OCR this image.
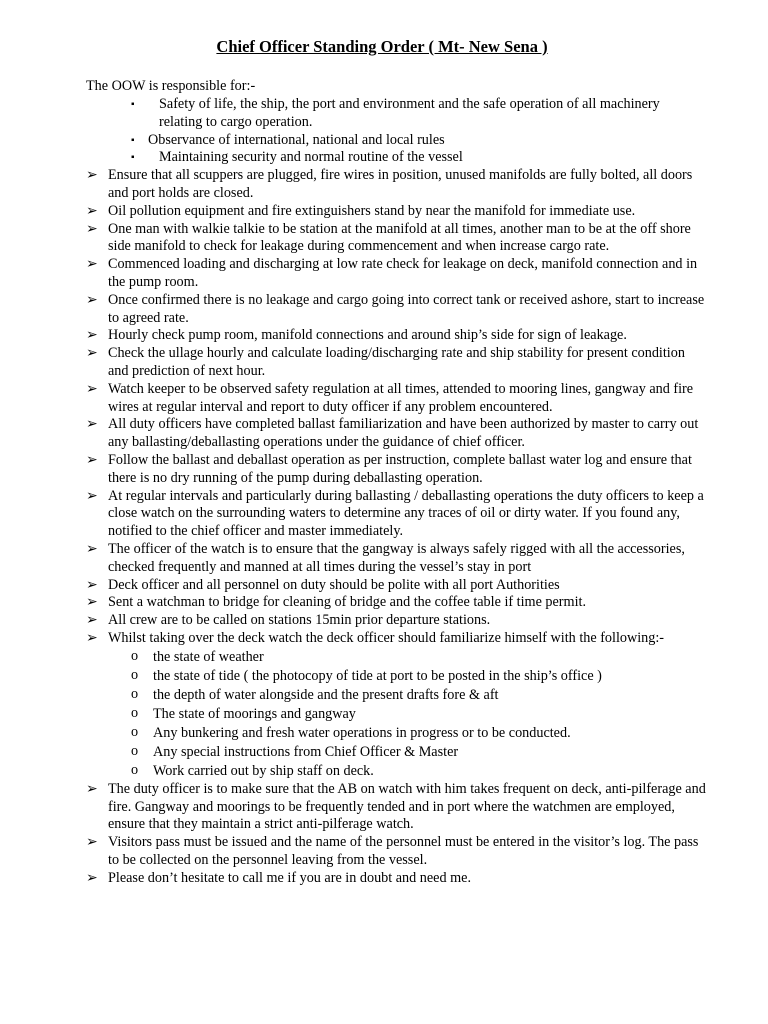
Chief Officer Standing Order ( Mt- New Sena )
The OOW is responsible for:-
▪ Safety of life, the ship, the port and environment and the safe operation of all machinery relating to cargo operation.
▪ Observance of international, national and local rules
▪ Maintaining security and normal routine of the vessel
➢ Ensure that all scuppers are plugged, fire wires in position, unused manifolds are fully bolted, all doors and port holds are closed.
➢ Oil pollution equipment and fire extinguishers stand by near the manifold for immediate use.
➢ One man with walkie talkie to be station at the manifold at all times, another man to be at the off shore side manifold to check for leakage during commencement and when increase cargo rate.
➢ Commenced loading and discharging at low rate check for leakage on deck, manifold connection and in the pump room.
➢ Once confirmed there is no leakage and cargo going into correct tank or received ashore, start to increase to agreed rate.
➢ Hourly check pump room, manifold connections and around ship’s side for sign of leakage.
➢ Check the ullage hourly and calculate loading/discharging rate and ship stability for present condition and prediction of next hour.
➢ Watch keeper to be observed safety regulation at all times, attended to mooring lines, gangway and fire wires at regular interval and report to duty officer if any problem encountered.
➢ All duty officers have completed ballast familiarization and have been authorized by master to carry out any ballasting/deballasting operations under the guidance of chief officer.
➢ Follow the ballast and deballast operation as per instruction, complete ballast water log and ensure that there is no dry running of the pump during deballasting operation.
➢ At regular intervals and particularly during ballasting / deballasting operations the duty officers to keep a close watch on the surrounding waters to determine any traces of oil or dirty water. If you found any, notified to the chief officer and master immediately.
➢ The officer of the watch is to ensure that the gangway is always safely rigged with all the accessories, checked frequently and manned at all times during the vessel’s stay in port
➢ Deck officer and all personnel on duty should be polite with all port Authorities
➢ Sent a watchman to bridge for cleaning of bridge and the coffee table if time permit.
➢ All crew are to be called on stations 15min prior departure stations.
➢ Whilst taking over the deck watch the deck officer should familiarize himself with the following:-
o the state of weather
o the state of tide ( the photocopy of tide at port to be posted in the ship’s office )
o the depth of water alongside and the present drafts fore & aft
o The state of moorings and gangway
o Any bunkering and fresh water operations in progress or to be conducted.
o Any special instructions from Chief Officer & Master
o Work carried out by ship staff on deck.
➢ The duty officer is to make sure that the AB on watch with him takes frequent on deck, anti-pilferage and fire. Gangway and moorings to be frequently tended and in port where the watchmen are employed, ensure that they maintain a strict anti-pilferage watch.
➢ Visitors pass must be issued and the name of the personnel must be entered in the visitor’s log. The pass to be collected on the personnel leaving from the vessel.
➢ Please don’t hesitate to call me if you are in doubt and need me.
